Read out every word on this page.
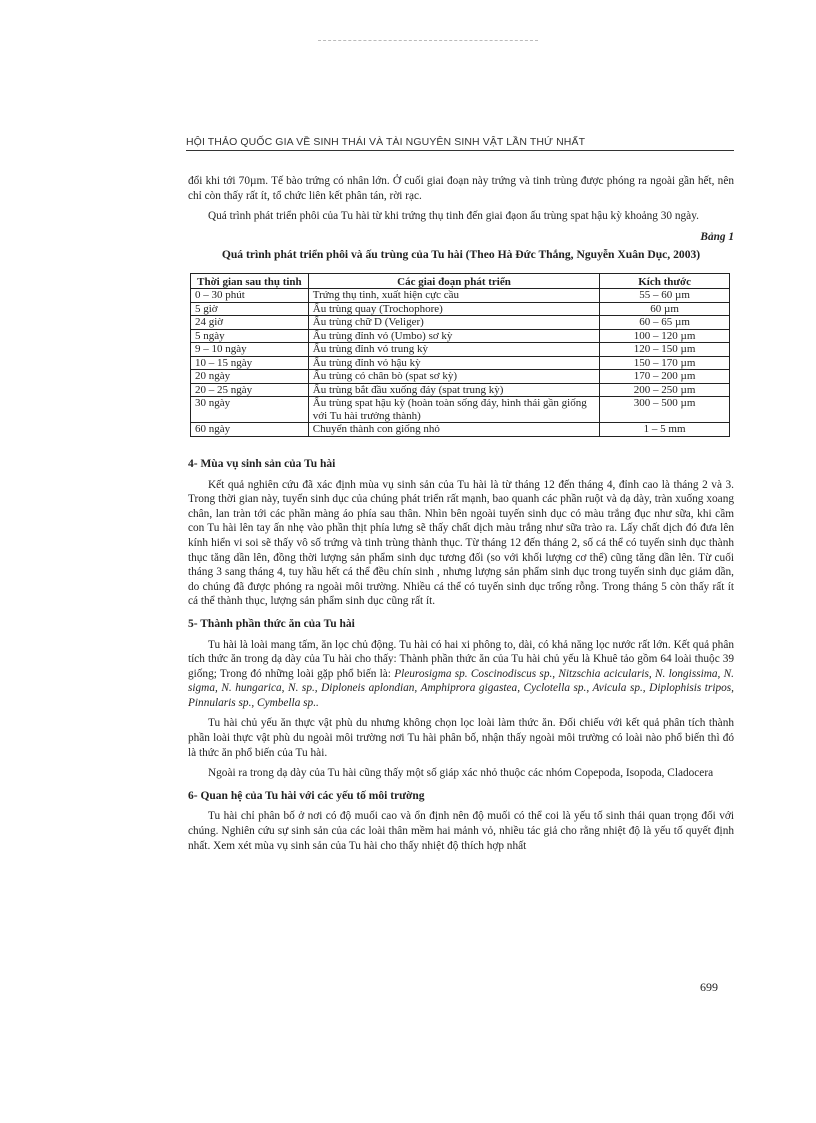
HỘI THẢO QUỐC GIA VỀ SINH THÁI VÀ TÀI NGUYÊN SINH VẬT LẦN THỨ NHẤT

đổi khi tới 70µm. Tế bào trứng có nhân lớn. Ở cuối giai đoạn này trứng và tinh trùng được phóng ra ngoài gần hết, nên chỉ còn thấy rất ít, tổ chức liên kết phân tán, rời rạc.

Quá trình phát triển phôi của Tu hài từ khi trứng thụ tinh đến giai đạon ấu trùng spat hậu kỳ khoảng 30 ngày.

Bảng 1
Quá trình phát triển phôi và ấu trùng của Tu hài (Theo Hà Đức Thắng, Nguyễn Xuân Dục, 2003)
Thời gian sau thụ tinh	Các giai đoạn phát triển	Kích thước
0 – 30 phút	Trứng thụ tinh, xuất hiện cực cầu	55 – 60 µm
5 giờ	Ấu trùng quay (Trochophore)	60 µm
24 giờ	Ấu trùng chữ D (Veliger)	60 – 65 µm
5 ngày	Ấu trùng đỉnh vỏ (Umbo) sơ kỳ	100 – 120 µm
9 – 10 ngày	Ấu trùng đỉnh vỏ trung kỳ	120 – 150 µm
10 – 15 ngày	Ấu trùng đỉnh vỏ hậu kỳ	150 – 170 µm
20 ngày	Ấu trùng có chân bò (spat sơ kỳ)	170 – 200 µm
20 – 25 ngày	Ấu trùng bắt đầu xuống đáy (spat trung kỳ)	200 – 250 µm
30 ngày	Ấu trùng spat hậu kỳ (hoàn toàn sống đáy, hình thái gần giống với Tu hài trưởng thành)	300 – 500 µm
60 ngày	Chuyển thành con giống nhỏ	1 – 5 mm
4- Mùa vụ sinh sản của Tu hài

Kết quả nghiên cứu đã xác định mùa vụ sinh sản của Tu hài là từ tháng 12 đến tháng 4, đỉnh cao là tháng 2 và 3. Trong thời gian này, tuyến sinh dục của chúng phát triển rất mạnh, bao quanh các phần ruột và dạ dày, tràn xuống xoang chân, lan tràn tới các phần màng áo phía sau thân. Nhìn bên ngoài tuyến sinh dục có màu trắng đục như sữa, khi cầm con Tu hài lên tay ấn nhẹ vào phần thịt phía lưng sẽ thấy chất dịch màu trắng như sữa trào ra. Lấy chất dịch đó đưa lên kính hiển vi soi sẽ thấy vô số trứng và tinh trùng thành thục. Từ tháng 12 đến tháng 2, số cá thể có tuyến sinh dục thành thục tăng dần lên, đồng thời lượng sản phẩm sinh dục tương đối (so với khối lượng cơ thể) cũng tăng dần lên. Từ cuối tháng 3 sang tháng 4, tuy hầu hết cá thể đều chín sinh , nhưng lượng sản phẩm sinh dục trong tuyến sinh dục giảm dần, do chúng đã được phóng ra ngoài môi trường. Nhiều cá thể có tuyến sinh dục trống rỗng. Trong tháng 5 còn thấy rất ít cá thể thành thục, lượng sản phẩm sinh dục cũng rất ít.

5- Thành phần thức ăn của Tu hài

Tu hài là loài mang tấm, ăn lọc chủ động. Tu hài có hai xi phông to, dài, có khả năng lọc nước rất lớn. Kết quả phân tích thức ăn trong dạ dày của Tu hài cho thấy: Thành phần thức ăn của Tu hài chủ yếu là Khuê tảo gồm 64 loài thuộc 39 giống; Trong đó những loài gặp phổ biến là: Pleurosigma sp. Coscinodiscus sp., Nitzschia acicularis, N. longissima, N. sigma, N. hungarica, N. sp., Diploneis aplondian, Amphiprora gigastea, Cyclotella sp., Avicula sp., Diplophisis tripos, Pinnularis sp., Cymbella sp..

Tu hài chủ yếu ăn thực vật phù du nhưng không chọn lọc loài làm thức ăn. Đối chiếu với kết quả phân tích thành phần loài thực vật phù du ngoài môi trường nơi Tu hài phân bố, nhận thấy ngoài môi trường có loài nào phổ biến thì đó là thức ăn phổ biến của Tu hài.

Ngoài ra trong dạ dày của Tu hài cũng thấy một số giáp xác nhỏ thuộc các nhóm Copepoda, Isopoda, Cladocera

6- Quan hệ của Tu hài với các yếu tố môi trường

Tu hài chỉ phân bố ở nơi có độ muối cao và ổn định nên độ muối có thể coi là yếu tố sinh thái quan trọng đối với chúng. Nghiên cứu sự sinh sản của các loài thân mềm hai mảnh vỏ, nhiều tác giả cho rằng nhiệt độ là yếu tố quyết định nhất. Xem xét mùa vụ sinh sản của Tu hài cho thấy nhiệt độ thích hợp nhất

699
